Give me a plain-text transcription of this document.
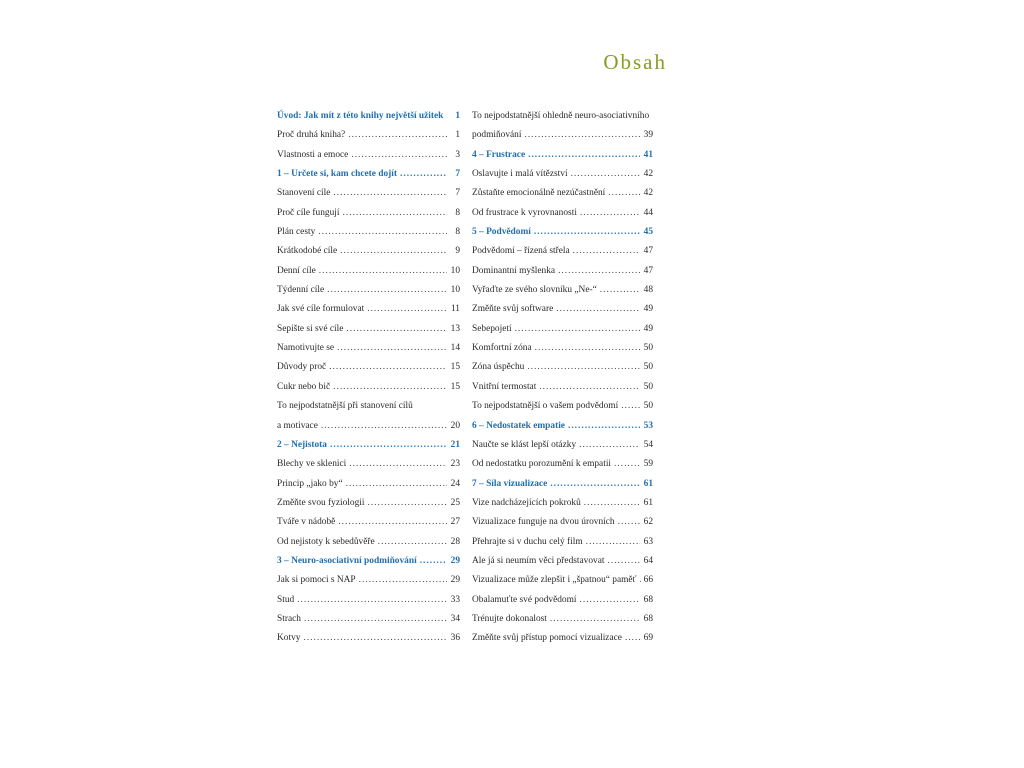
Obsah
Úvod: Jak mít z této knihy největší užitek .....	1
Proč druhá kniha? .....	1
Vlastnosti a emoce .....	3
1 – Určete si, kam chcete dojít .....	7
Stanovení cíle .....	7
Proč cíle fungují .....	8
Plán cesty .....	8
Krátkodobé cíle .....	9
Denní cíle .....	10
Týdenní cíle .....	10
Jak své cíle formulovat .....	11
Sepište si své cíle .....	13
Namotivujte se .....	14
Důvody proč .....	15
Cukr nebo bič .....	15
To nejpodstatnější při stanovení cílů
a motivace .....	20
2 – Nejistota .....	21
Blechy ve sklenici .....	23
Princip „jako by“ .....	24
Změňte svou fyziologii .....	25
Tváře v nádobě .....	27
Od nejistoty k sebedůvěře .....	28
3 – Neuro-asociativní podmiňování .....	29
Jak si pomoci s NAP .....	29
Stud .....	33
Strach .....	34
Kotvy .....	36
To nejpodstatnější ohledně neuro-asociativního
podmiňování .....	39
4 – Frustrace .....	41
Oslavujte i malá vítězství .....	42
Zůstaňte emocionálně nezúčastnění .....	42
Od frustrace k vyrovnanosti .....	44
5 – Podvědomí .....	45
Podvědomí – řízená střela .....	47
Dominantní myšlenka .....	47
Vyřaďte ze svého slovníku „Ne-“ .....	48
Změňte svůj software .....	49
Sebepojetí .....	49
Komfortní zóna .....	50
Zóna úspěchu .....	50
Vnitřní termostat .....	50
To nejpodstatnější o vašem podvědomí .....	50
6 – Nedostatek empatie .....	53
Naučte se klást lepší otázky .....	54
Od nedostatku porozumění k empatii .....	59
7 – Síla vizualizace .....	61
Vize nadcházejících pokroků .....	61
Vizualizace funguje na dvou úrovních .....	62
Přehrajte si v duchu celý film .....	63
Ale já si neumím věci představovat .....	64
Vizualizace může zlepšit i „špatnou“ paměť ..... 66
Obalamuťte své podvědomí .....	68
Trénujte dokonalost .....	68
Změňte svůj přístup pomocí vizualizace .....	69
